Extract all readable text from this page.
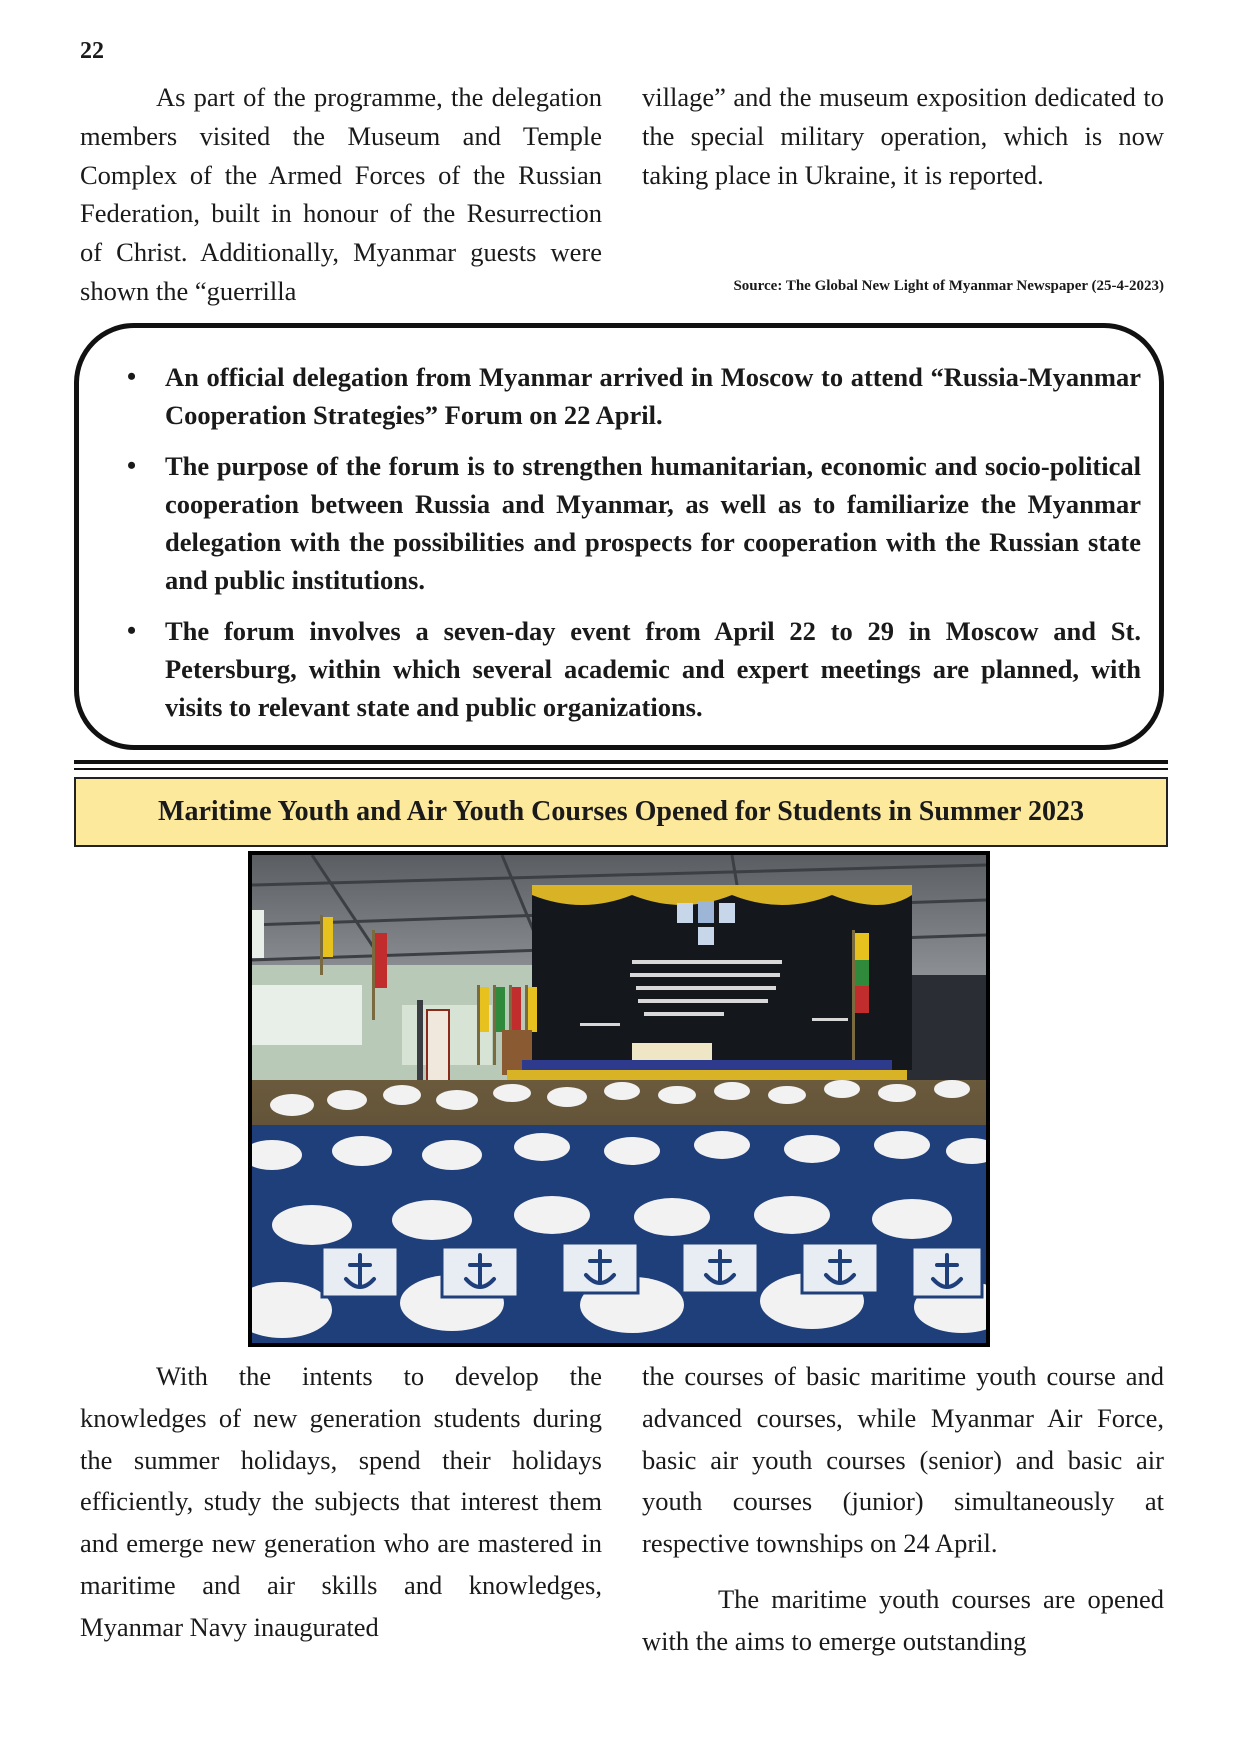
22

As part of the programme, the delegation members visited the Museum and Temple Complex of the Armed Forces of the Russian Federation, built in honour of the Resurrection of Christ. Additionally, Myanmar guests were shown the “guerrilla

village” and the museum exposition dedicated to the special military operation, which is now taking place in Ukraine, it is reported.

Source: The Global New Light of Myanmar Newspaper (25-4-2023)
• An official delegation from Myanmar arrived in Moscow to attend “Russia-Myanmar Cooperation Strategies” Forum on 22 April.
• The purpose of the forum is to strengthen humanitarian, economic and socio-political cooperation between Russia and Myanmar, as well as to familiarize the Myanmar delegation with the possibilities and prospects for cooperation with the Russian state and public institutions.
• The forum involves a seven-day event from April 22 to 29 in Moscow and St. Petersburg, within which several academic and expert meetings are planned, with visits to relevant state and public organizations.
Maritime Youth and Air Youth Courses Opened for Students in Summer 2023

With the intents to develop the knowledges of new generation students during the summer holidays, spend their holidays efficiently, study the subjects that interest them and emerge new generation who are mastered in maritime and air skills and knowledges, Myanmar Navy inaugurated

the courses of basic maritime youth course and advanced courses, while Myanmar Air Force, basic air youth courses (senior) and basic air youth courses (junior) simultaneously at respective townships on 24 April.

The maritime youth courses are opened with the aims to emerge outstanding
